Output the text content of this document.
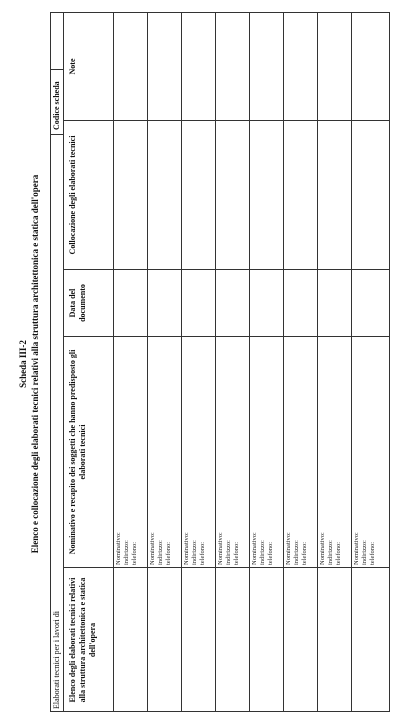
Scheda III-2 Elenco e collocazione degli elaborati tecnici relativi alla struttura architettonica e statica dell'opera
Elaborati tecnici per i lavori di
Codice scheda
Elenco degli elaborati tecnici relativi alla struttura architettonica e statica dell'opera
Nominativo e recapito dei soggetti che hanno predisposto gli elaborati tecnici
Data del documento
Collocazione degli elaborati tecnici
Note
Nominativo: indirizzo: telefono: Nominativo: indirizzo: telefono: Nominativo: indirizzo: telefono: Nominativo: indirizzo: telefono: Nominativo: indirizzo: telefono: Nominativo: indirizzo: telefono: Nominativo: indirizzo: telefono: Nominativo: indirizzo: telefono:
